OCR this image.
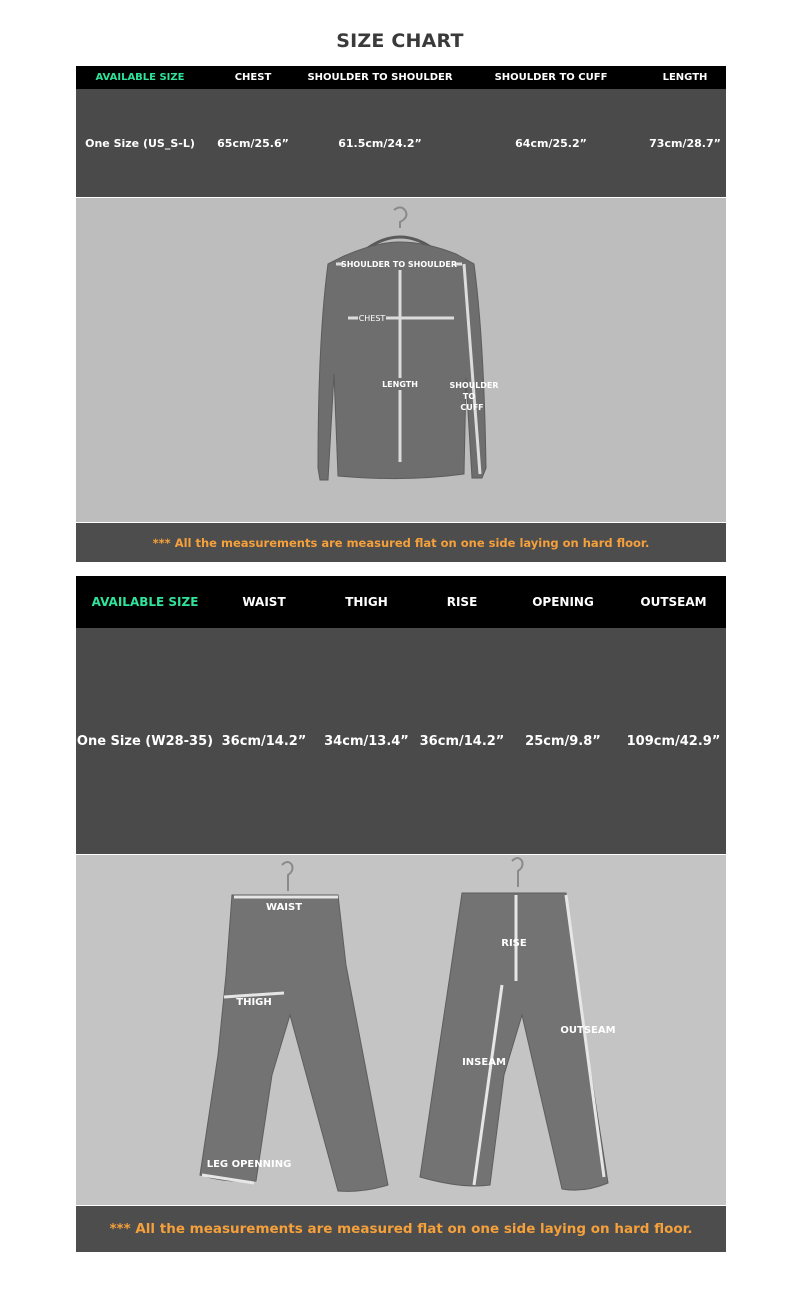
SIZE CHART
AVAILABLE SIZE	CHEST	SHOULDER TO SHOULDER	SHOULDER TO CUFF	LENGTH
One Size (US_S-L)	65cm/25.6”	61.5cm/24.2”	64cm/25.2”	73cm/28.7”
SHOULDER TO SHOULDER
CHEST
LENGTH	SHOULDER
TO
CUFF
*** All the measurements are measured flat on one side laying on hard floor.
AVAILABLE SIZE	WAIST	THIGH	RISE	OPENING	OUTSEAM
One Size (W28-35) 36cm/14.2”	34cm/13.4” 36cm/14.2”	25cm/9.8”	109cm/42.9”
WAIST
THIGH
LEG OPENNING
RISE
INSEAM
OUTSEAM
*** All the measurements are measured flat on one side laying on hard floor.
